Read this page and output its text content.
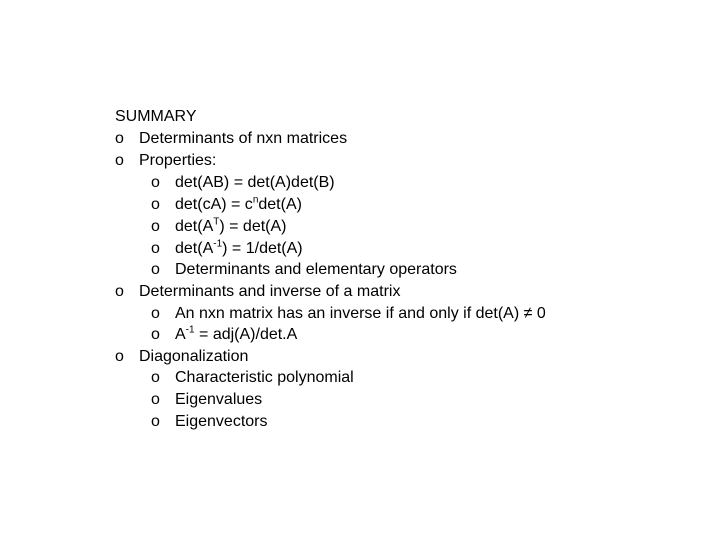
SUMMARY
o Determinants of nxn matrices
o Properties:
o det(AB) = det(A)det(B)
o $\det(cA) = c^n\det(A)$
o $\det(A^T) = \det(A)$
o $\det(A^{-1}) = 1/\det(A)$
o Determinants and elementary operators
o Determinants and inverse of a matrix
o An nxn matrix has an inverse if and only if det(A) ≠ 0
o $A^{-1} = adj(A)/\det.A$
o Diagonalization
o Characteristic polynomial
o Eigenvalues
o Eigenvectors
